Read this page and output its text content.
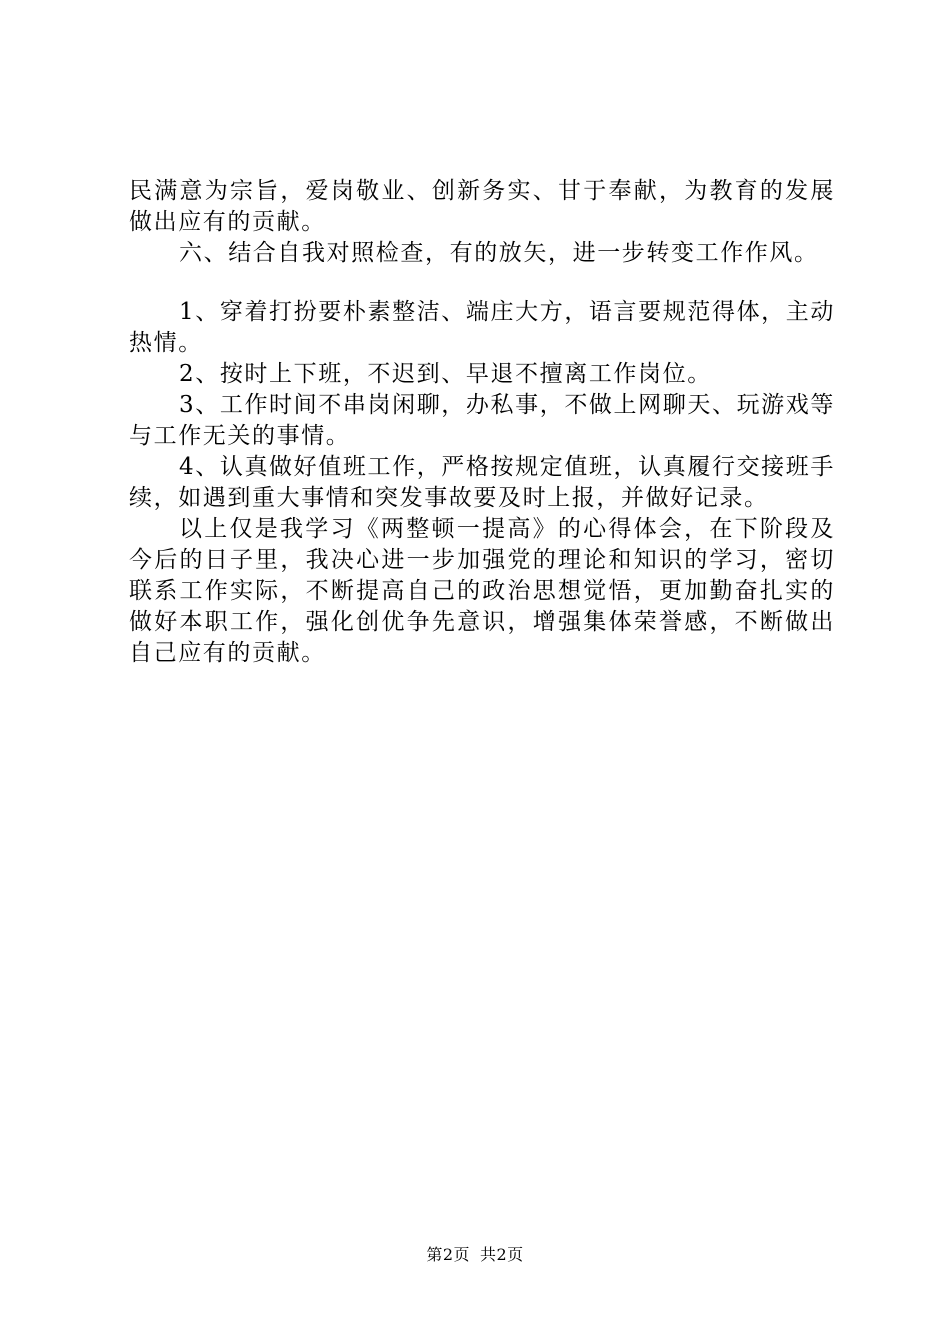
民满意为宗旨，爱岗敬业、创新务实、甘于奉献，为教育的发展做出应有的贡献。

六、结合自我对照检查，有的放矢，进一步转变工作作风。

1、穿着打扮要朴素整洁、端庄大方，语言要规范得体，主动热情。

2、按时上下班，不迟到、早退不擅离工作岗位。

3、工作时间不串岗闲聊，办私事，不做上网聊天、玩游戏等与工作无关的事情。

4、认真做好值班工作，严格按规定值班，认真履行交接班手续，如遇到重大事情和突发事故要及时上报，并做好记录。

以上仅是我学习《两整顿一提高》的心得体会，在下阶段及今后的日子里，我决心进一步加强党的理论和知识的学习，密切联系工作实际，不断提高自己的政治思想觉悟，更加勤奋扎实的做好本职工作，强化创优争先意识，增强集体荣誉感，不断做出自己应有的贡献。

第2页 共2页
